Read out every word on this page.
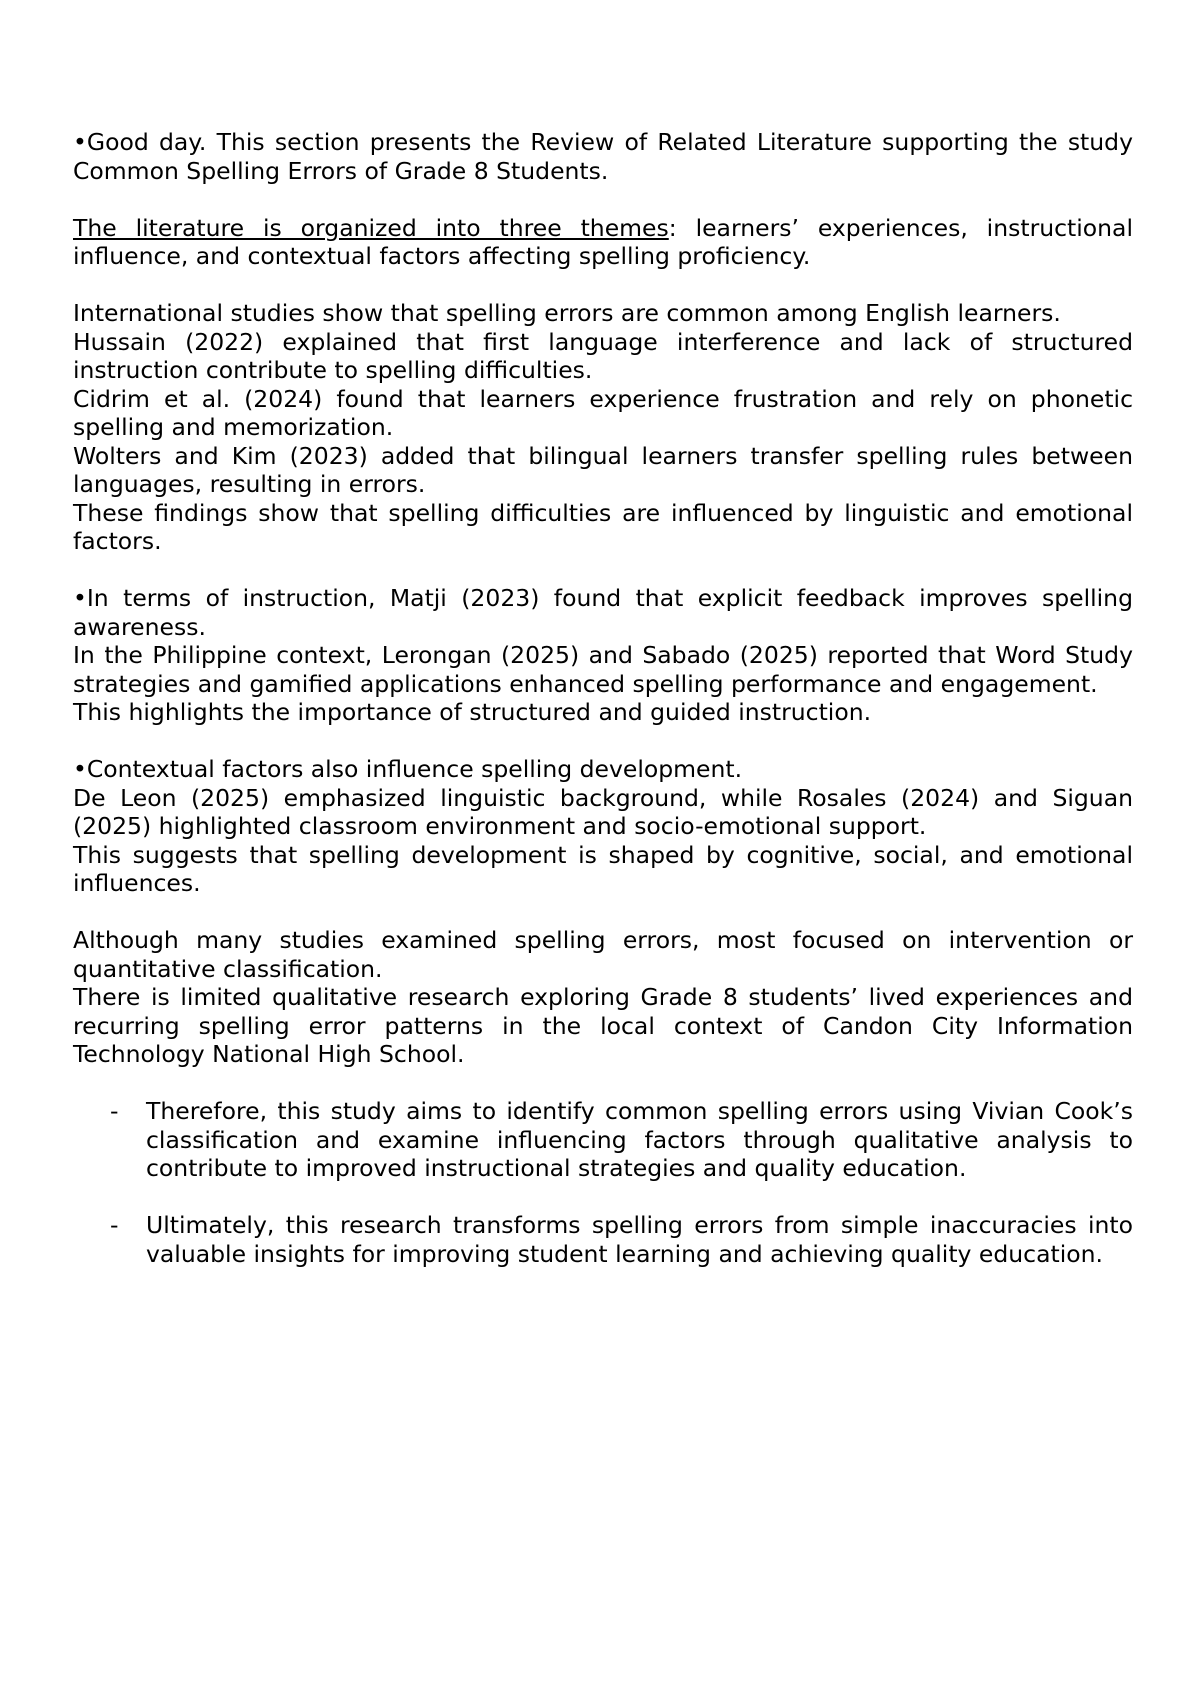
•Good day. This section presents the Review of Related Literature supporting the study Common Spelling Errors of Grade 8 Students.

The literature is organized into three themes: learners’ experiences, instructional influence, and contextual factors affecting spelling proficiency.

International studies show that spelling errors are common among English learners.

Hussain (2022) explained that first language interference and lack of structured instruction contribute to spelling difficulties.

Cidrim et al. (2024) found that learners experience frustration and rely on phonetic spelling and memorization.

Wolters and Kim (2023) added that bilingual learners transfer spelling rules between languages, resulting in errors.

These findings show that spelling difficulties are influenced by linguistic and emotional factors.

•In terms of instruction, Matji (2023) found that explicit feedback improves spelling awareness.

In the Philippine context, Lerongan (2025) and Sabado (2025) reported that Word Study strategies and gamified applications enhanced spelling performance and engagement.

This highlights the importance of structured and guided instruction.

•Contextual factors also influence spelling development.

De Leon (2025) emphasized linguistic background, while Rosales (2024) and Siguan (2025) highlighted classroom environment and socio-emotional support.

This suggests that spelling development is shaped by cognitive, social, and emotional influences.

Although many studies examined spelling errors, most focused on intervention or quantitative classification.

There is limited qualitative research exploring Grade 8 students’ lived experiences and recurring spelling error patterns in the local context of Candon City Information Technology National High School.

- Therefore, this study aims to identify common spelling errors using Vivian Cook’s classification and examine influencing factors through qualitative analysis to contribute to improved instructional strategies and quality education.
- Ultimately, this research transforms spelling errors from simple inaccuracies into valuable insights for improving student learning and achieving quality education.
